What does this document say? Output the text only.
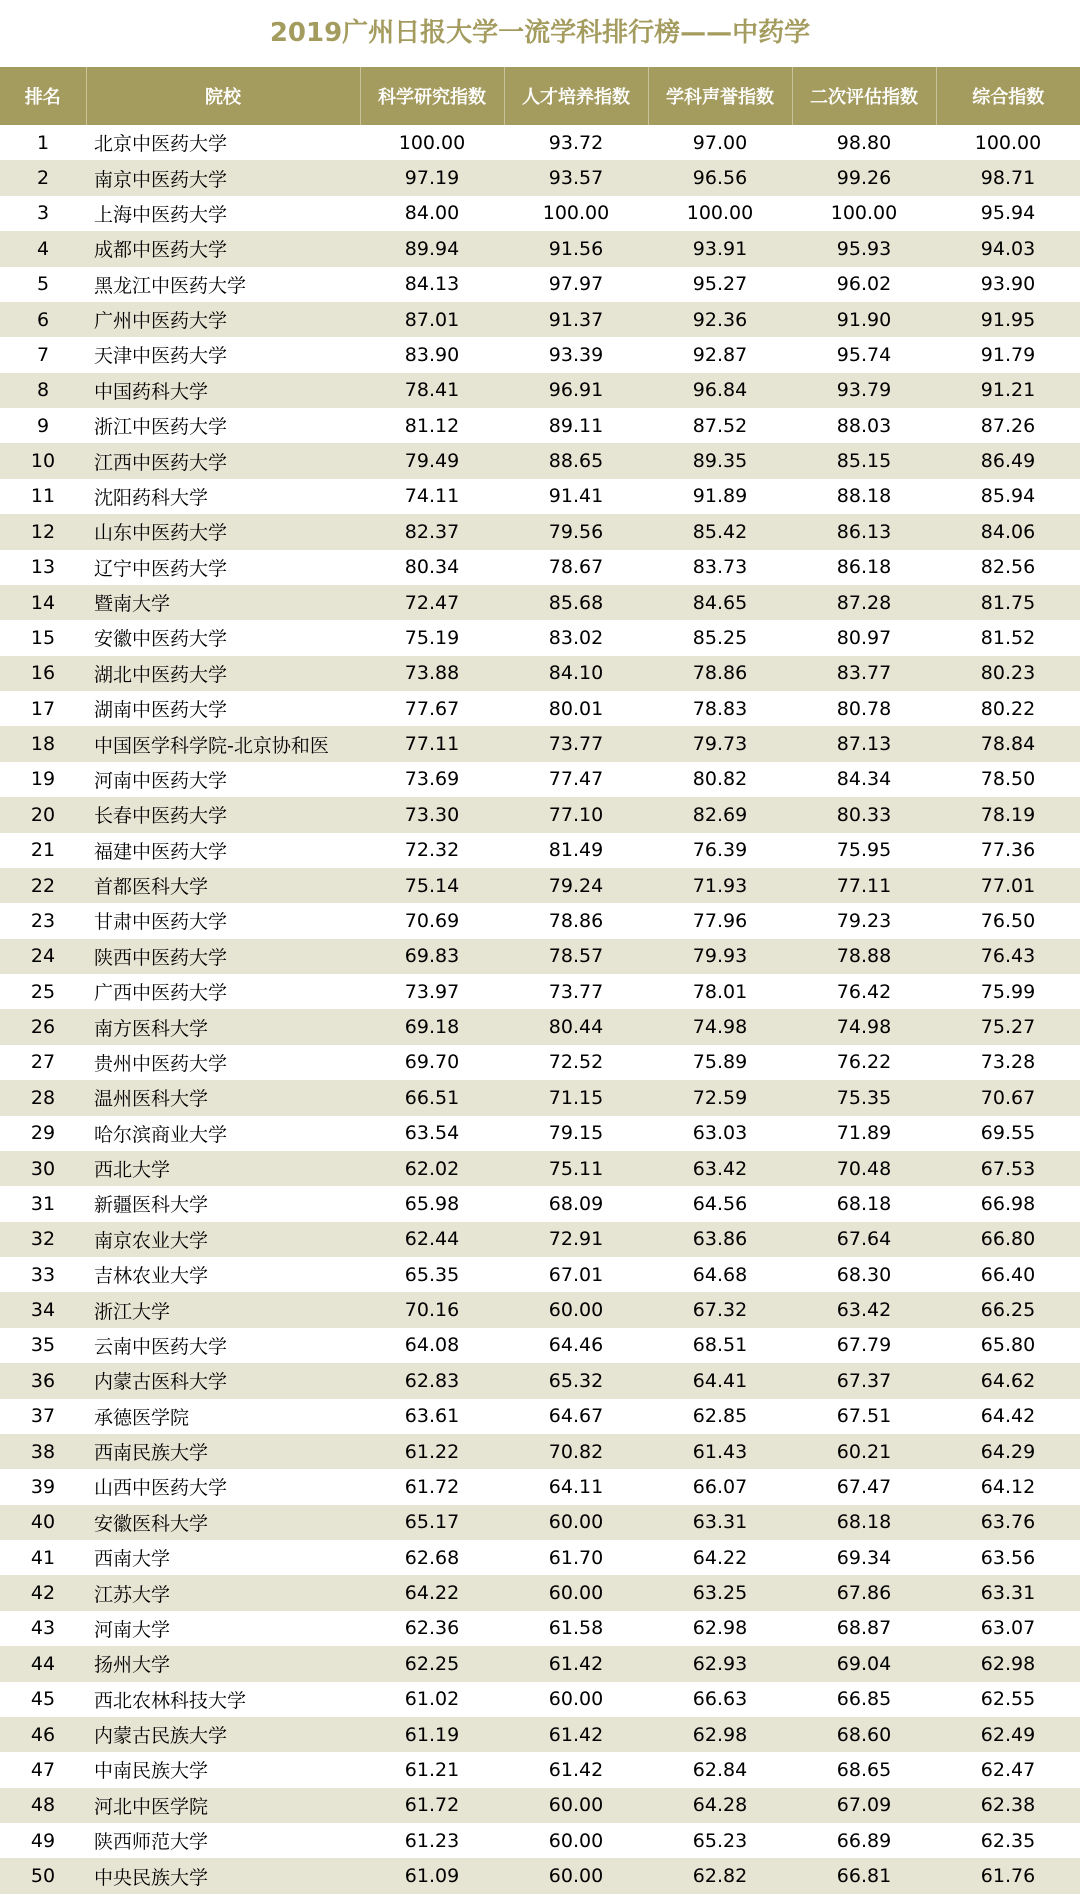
2019广州日报大学一流学科排行榜——中药学
排名	院校	科学研究指数	人才培养指数	学科声誉指数	二次评估指数	综合指数
1	北京中医药大学	100.00	93.72	97.00	98.80	100.00
2	南京中医药大学	97.19	93.57	96.56	99.26	98.71
3	上海中医药大学	84.00	100.00	100.00	100.00	95.94
4	成都中医药大学	89.94	91.56	93.91	95.93	94.03
5	黑龙江中医药大学	84.13	97.97	95.27	96.02	93.90
6	广州中医药大学	87.01	91.37	92.36	91.90	91.95
7	天津中医药大学	83.90	93.39	92.87	95.74	91.79
8	中国药科大学	78.41	96.91	96.84	93.79	91.21
9	浙江中医药大学	81.12	89.11	87.52	88.03	87.26
10	江西中医药大学	79.49	88.65	89.35	85.15	86.49
11	沈阳药科大学	74.11	91.41	91.89	88.18	85.94
12	山东中医药大学	82.37	79.56	85.42	86.13	84.06
13	辽宁中医药大学	80.34	78.67	83.73	86.18	82.56
14	暨南大学	72.47	85.68	84.65	87.28	81.75
15	安徽中医药大学	75.19	83.02	85.25	80.97	81.52
16	湖北中医药大学	73.88	84.10	78.86	83.77	80.23
17	湖南中医药大学	77.67	80.01	78.83	80.78	80.22
18	中国医学科学院-北京协和医	77.11	73.77	79.73	87.13	78.84
19	河南中医药大学	73.69	77.47	80.82	84.34	78.50
20	长春中医药大学	73.30	77.10	82.69	80.33	78.19
21	福建中医药大学	72.32	81.49	76.39	75.95	77.36
22	首都医科大学	75.14	79.24	71.93	77.11	77.01
23	甘肃中医药大学	70.69	78.86	77.96	79.23	76.50
24	陕西中医药大学	69.83	78.57	79.93	78.88	76.43
25	广西中医药大学	73.97	73.77	78.01	76.42	75.99
26	南方医科大学	69.18	80.44	74.98	74.98	75.27
27	贵州中医药大学	69.70	72.52	75.89	76.22	73.28
28	温州医科大学	66.51	71.15	72.59	75.35	70.67
29	哈尔滨商业大学	63.54	79.15	63.03	71.89	69.55
30	西北大学	62.02	75.11	63.42	70.48	67.53
31	新疆医科大学	65.98	68.09	64.56	68.18	66.98
32	南京农业大学	62.44	72.91	63.86	67.64	66.80
33	吉林农业大学	65.35	67.01	64.68	68.30	66.40
34	浙江大学	70.16	60.00	67.32	63.42	66.25
35	云南中医药大学	64.08	64.46	68.51	67.79	65.80
36	内蒙古医科大学	62.83	65.32	64.41	67.37	64.62
37	承德医学院	63.61	64.67	62.85	67.51	64.42
38	西南民族大学	61.22	70.82	61.43	60.21	64.29
39	山西中医药大学	61.72	64.11	66.07	67.47	64.12
40	安徽医科大学	65.17	60.00	63.31	68.18	63.76
41	西南大学	62.68	61.70	64.22	69.34	63.56
42	江苏大学	64.22	60.00	63.25	67.86	63.31
43	河南大学	62.36	61.58	62.98	68.87	63.07
44	扬州大学	62.25	61.42	62.93	69.04	62.98
45	西北农林科技大学	61.02	60.00	66.63	66.85	62.55
46	内蒙古民族大学	61.19	61.42	62.98	68.60	62.49
47	中南民族大学	61.21	61.42	62.84	68.65	62.47
48	河北中医学院	61.72	60.00	64.28	67.09	62.38
49	陕西师范大学	61.23	60.00	65.23	66.89	62.35
50	中央民族大学	61.09	60.00	62.82	66.81	61.76
